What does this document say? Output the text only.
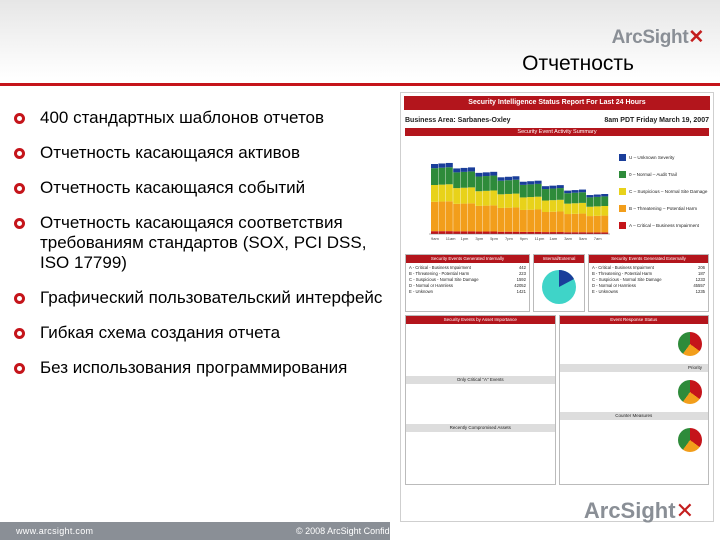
ArcSight✕
Отчетность
400 стандартных шаблонов отчетов
Отчетность касающаяся активов
Отчетность касающаяся событий
Отчетность касающаяся соответствия требованиям стандартов (SOX, PCI DSS, ISO 17799)
Графический пользовательский интерфейс
Гибкая схема создания отчета
Без использования программирования
Security Intelligence Status Report For Last 24 Hours
Business Area: Sarbanes-Oxley	8am PDT Friday March 19, 2007
Security Event Activity Summary
9am 11am 1pm 3pm 5pm 7pm 9pm 11pm 1am 3am 5am 7am
U – Unknown Severity
0 – Normal – Audit Trail
C – Suspicious – Normal Site Damage
B – Threatening – Potential Harm
A – Critical – Business Impairment
Security Events Generated Internally
A - Critical - Business Impairment	442
B - Threatening - Potential Harm	223
C - Suspicious - Normal Site Damage	1592
D - Normal or Harmless	42052
E - Unknown	1421
Internal/External	Security Events Generated Externally
A - Critical - Business Impairment	206
B - Threatening - Potential Harm	187
C - Suspicious - Normal Site Damage	1233
D - Normal or Harmless	45557
E - Unknowns	1235
Security Events by Asset Importance
Only Critical "A" Events
Recently Compromised Assets
Event Response Status
Priority
Counter Measures
www.arcsight.com	© 2008 ArcSight Confidential
ArcSight✕
